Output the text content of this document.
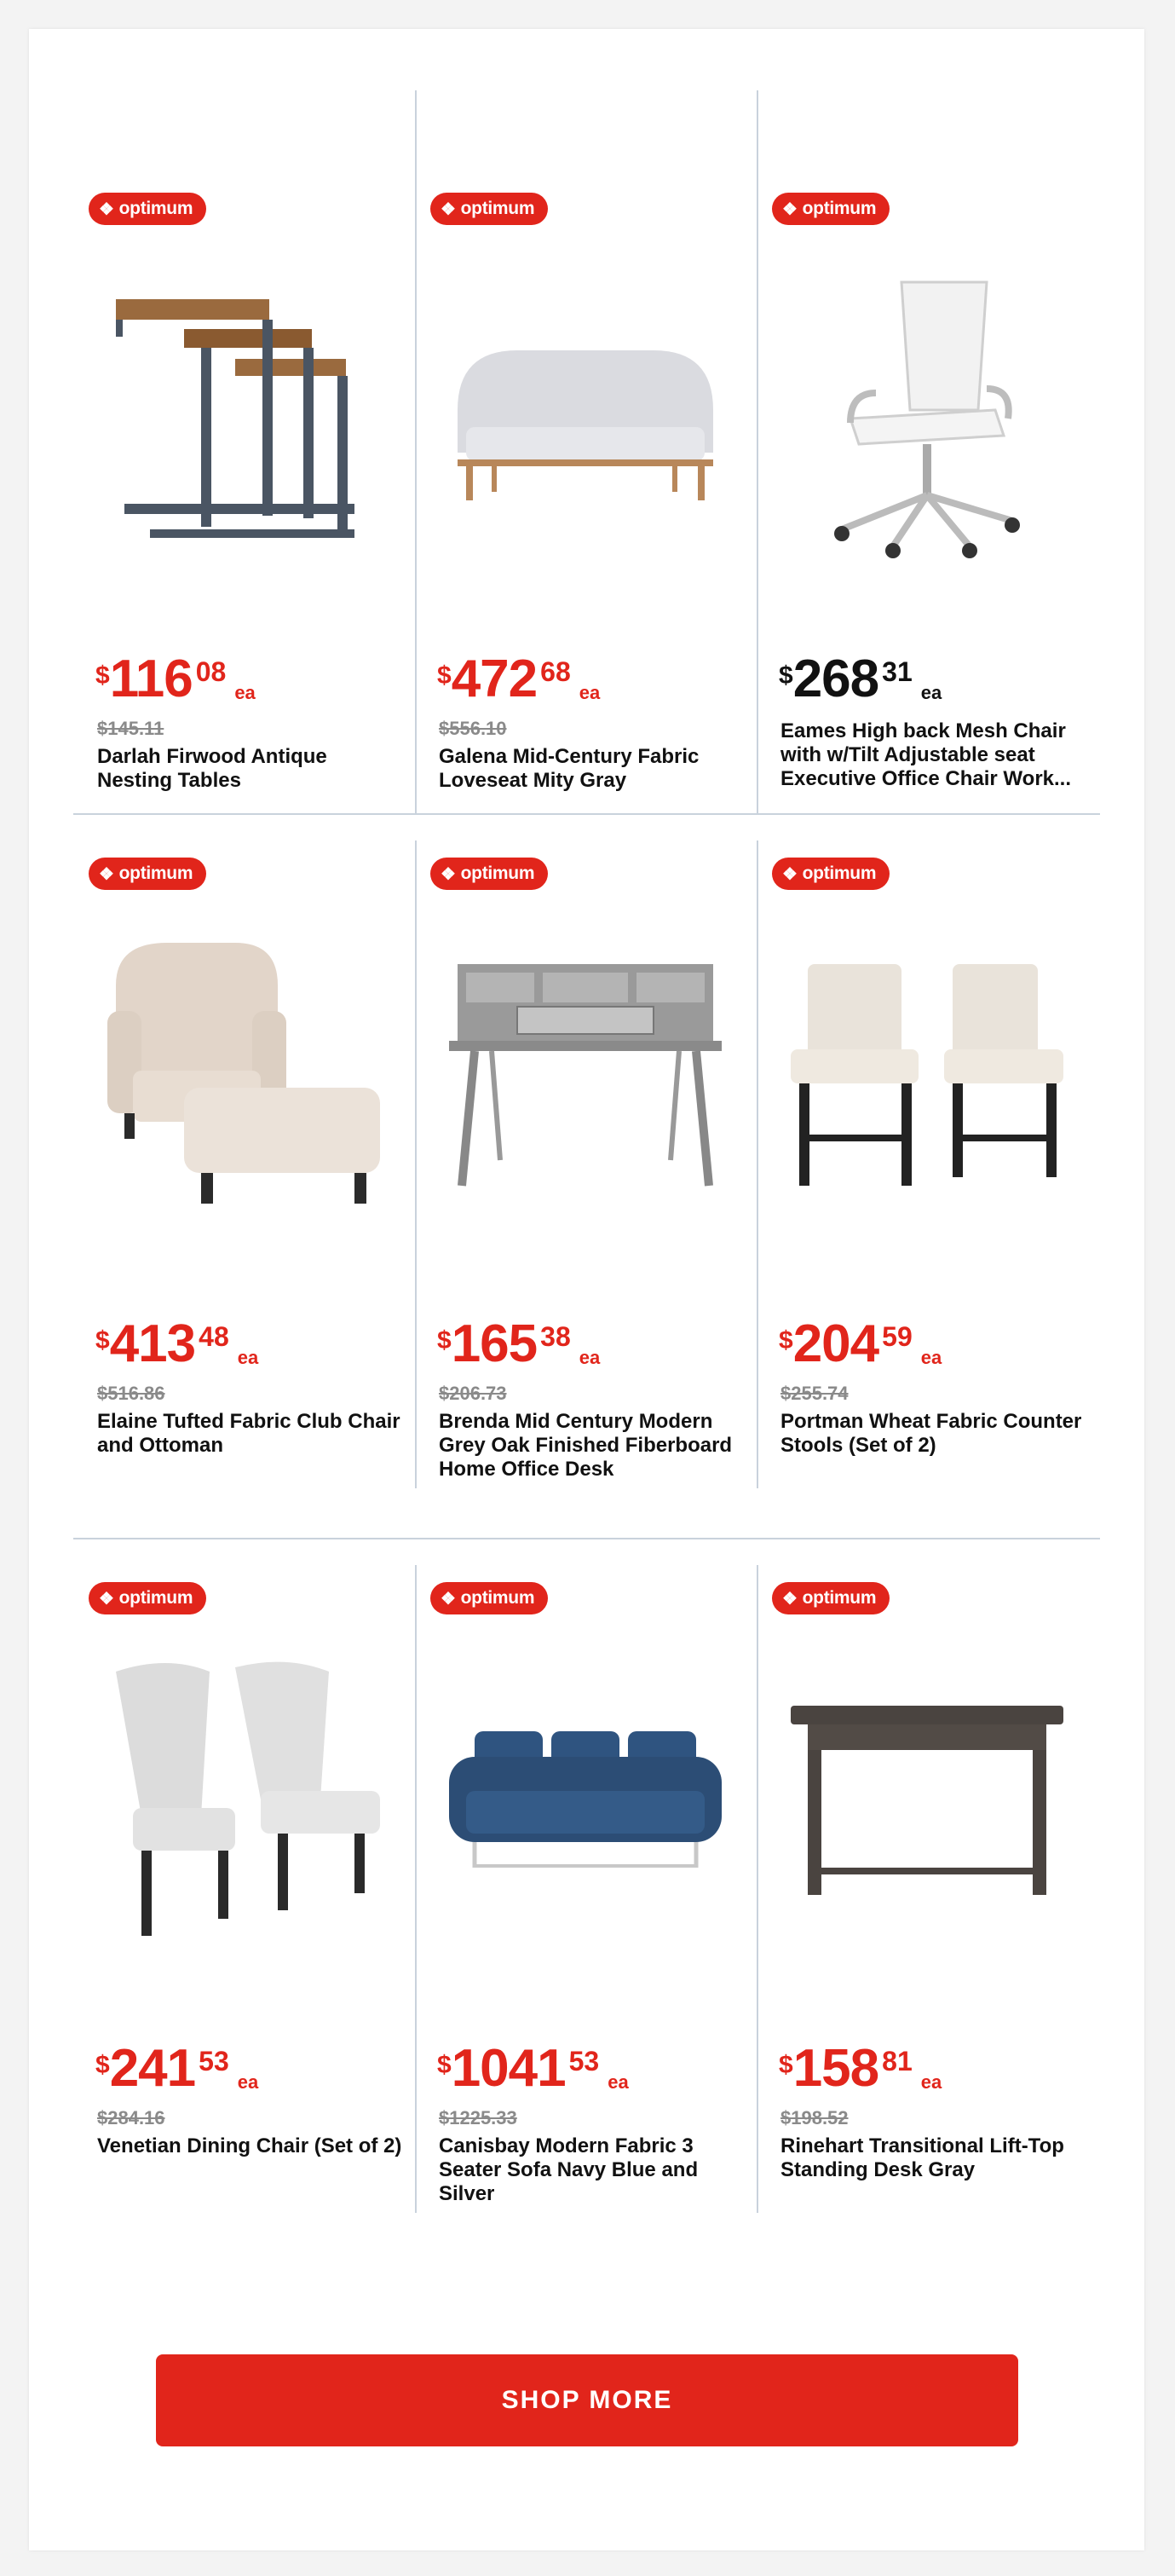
❖ optimum
$ 116 08
ea
$145.11
Darlah Firwood Antique Nesting Tables
❖ optimum
$ 472 68
ea
$556.10
Galena Mid-Century Fabric Loveseat Mity Gray
❖ optimum
$ 268 31
ea
Eames High back Mesh Chair with w/Tilt Adjustable seat Executive Office Chair Work...
❖ optimum
$ 413 48
ea
$516.86
Elaine Tufted Fabric Club Chair and Ottoman
❖ optimum
$ 165 38
ea
$206.73
Brenda Mid Century Modern Grey Oak Finished Fiberboard Home Office Desk
❖ optimum
$ 204 59
ea
$255.74
Portman Wheat Fabric Counter Stools (Set of 2)
❖ optimum
$ 241 53
ea
$284.16
Venetian Dining Chair (Set of 2)
❖ optimum
$ 1041 53
ea
$1225.33
Canisbay Modern Fabric 3 Seater Sofa Navy Blue and Silver
❖ optimum
$ 158 81
ea
$198.52
Rinehart Transitional Lift-Top Standing Desk Gray
SHOP MORE
